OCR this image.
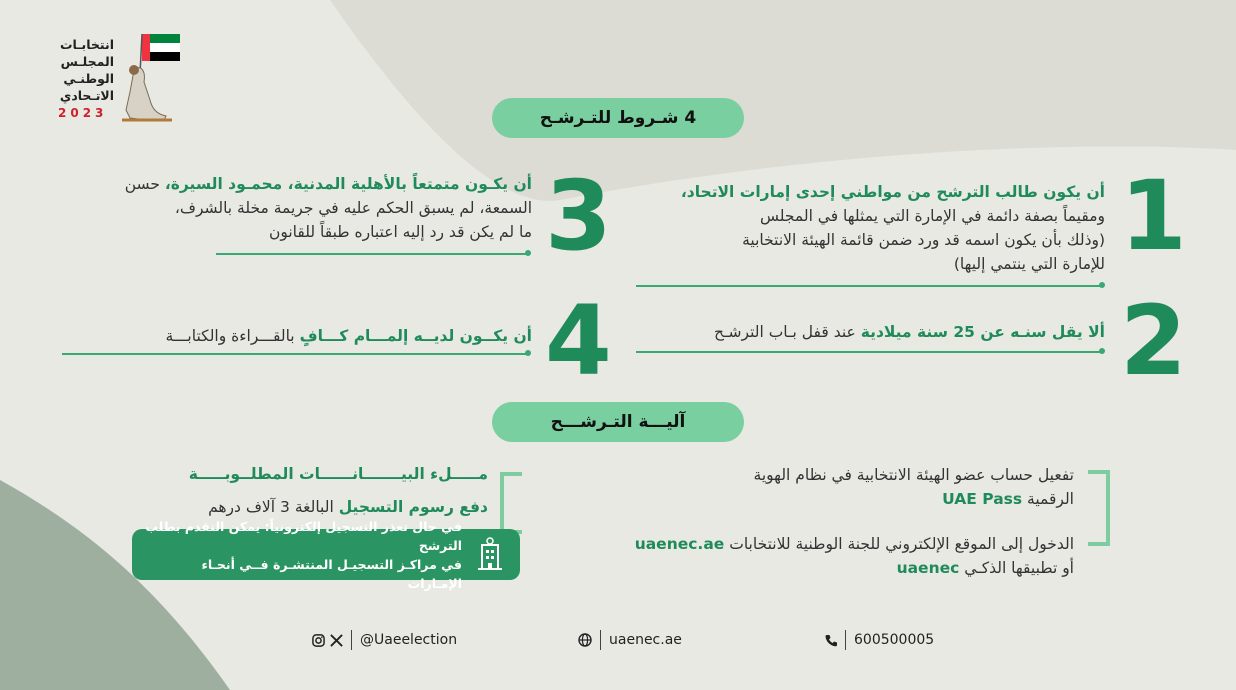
انتخابـات
المجلـس
الوطنـي
الاتـحادي
2023	4 شـروط للتـرشـح
1
أن يكون طالب الترشح من مواطني إحدى إمارات الاتحاد،
ومقيماً بصفة دائمة في الإمارة التي يمثلها في المجلس
(وذلك بأن يكون اسمه قد ورد ضمن قائمة الهيئة الانتخابية
للإمارة التي ينتمي إليها)
2
ألا يقل سنـه عن 25 سنة ميلادية عند قفل بـاب الترشـح
3
أن يكـون متمتعاً بالأهلية المدنية، محمـود السيرة، حسن
السمعة، لم يسبق الحكم عليه في جريمة مخلة بالشرف،
ما لم يكن قد رد إليه اعتباره طبقاً للقانون
4
أن يكــون لديــه إلمـــام كـــافٍ بالقـــراءة والكتابـــة
آليـــة التـرشـــح
تفعيل حساب عضو الهيئة الانتخابية في نظام الهوية
الرقمية UAE Pass
الدخول إلى الموقع الإلكتروني للجنة الوطنية للانتخابات uaenec.ae
أو تطبيقها الذكـي uaenec
مـــــلء البيـــــــانــــــات المطلــوبـــــة
دفع رسوم التسجيل البالغة 3 آلاف درهم
في حال تعذر التسجيل إلكترونياً: يمكن التقدم بطلب الترشح
في مراكـز التسجيـل المنتشـرة فــي أنحـاء الإمـارات
@Uaeelection	uaenec.ae	600500005
